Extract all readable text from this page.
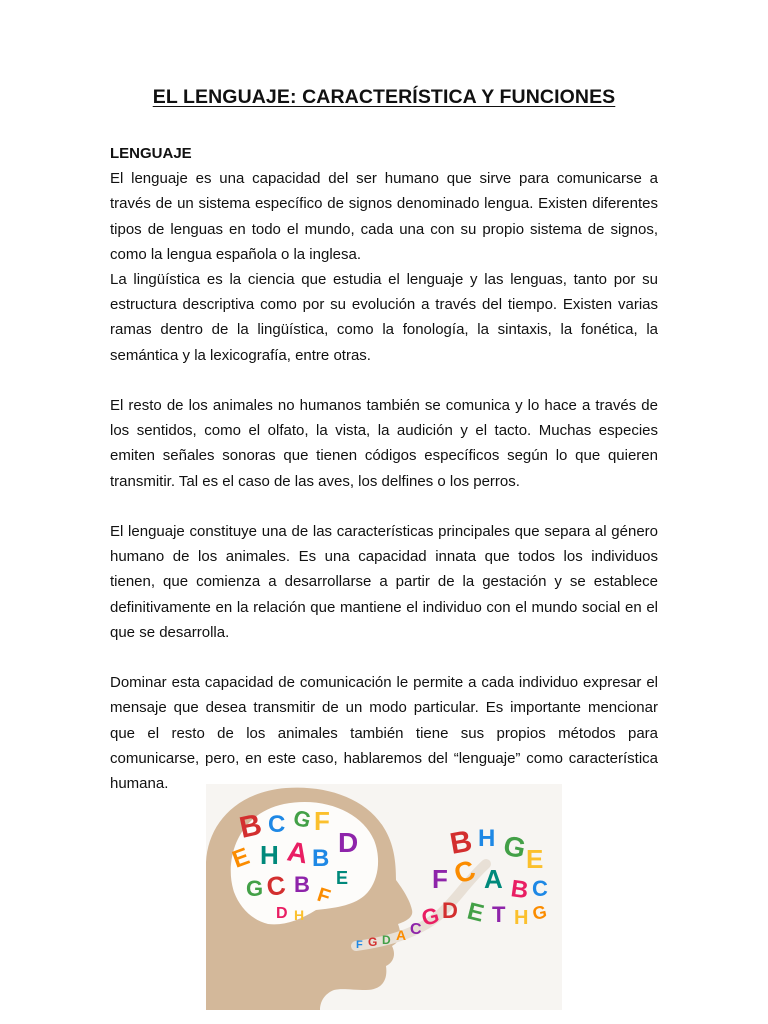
EL LENGUAJE: CARACTERÍSTICA Y FUNCIONES

LENGUAJE

El lenguaje es una capacidad del ser humano que sirve para comunicarse a través de un sistema específico de signos denominado lengua. Existen diferentes tipos de lenguas en todo el mundo, cada una con su propio sistema de signos, como la lengua española o la inglesa.

La lingüística es la ciencia que estudia el lenguaje y las lenguas, tanto por su estructura descriptiva como por su evolución a través del tiempo. Existen varias ramas dentro de la lingüística, como la fonología, la sintaxis, la fonética, la semántica y la lexicografía, entre otras.

El resto de los animales no humanos también se comunica y lo hace a través de los sentidos, como el olfato, la vista, la audición y el tacto. Muchas especies emiten señales sonoras que tienen códigos específicos según lo que quieren transmitir. Tal es el caso de las aves, los delfines o los perros.

El lenguaje constituye una de las características principales que separa al género humano de los animales. Es una capacidad innata que todos los individuos tienen, que comienza a desarrollarse a partir de la gestación y se establece definitivamente en la relación que mantiene el individuo con el mundo social en el que se desarrolla.

Dominar esta capacidad de comunicación le permite a cada individuo expresar el mensaje que desea transmitir de un modo particular. Es importante mencionar que el resto de los animales también tiene sus propios métodos para comunicarse, pero, en este caso, hablaremos del “lenguaje” como característica humana.

B C G F
D
E H A B
G C B F
E
D H
F G D A C
G
B H G
E
F C A B C
D E T H G
